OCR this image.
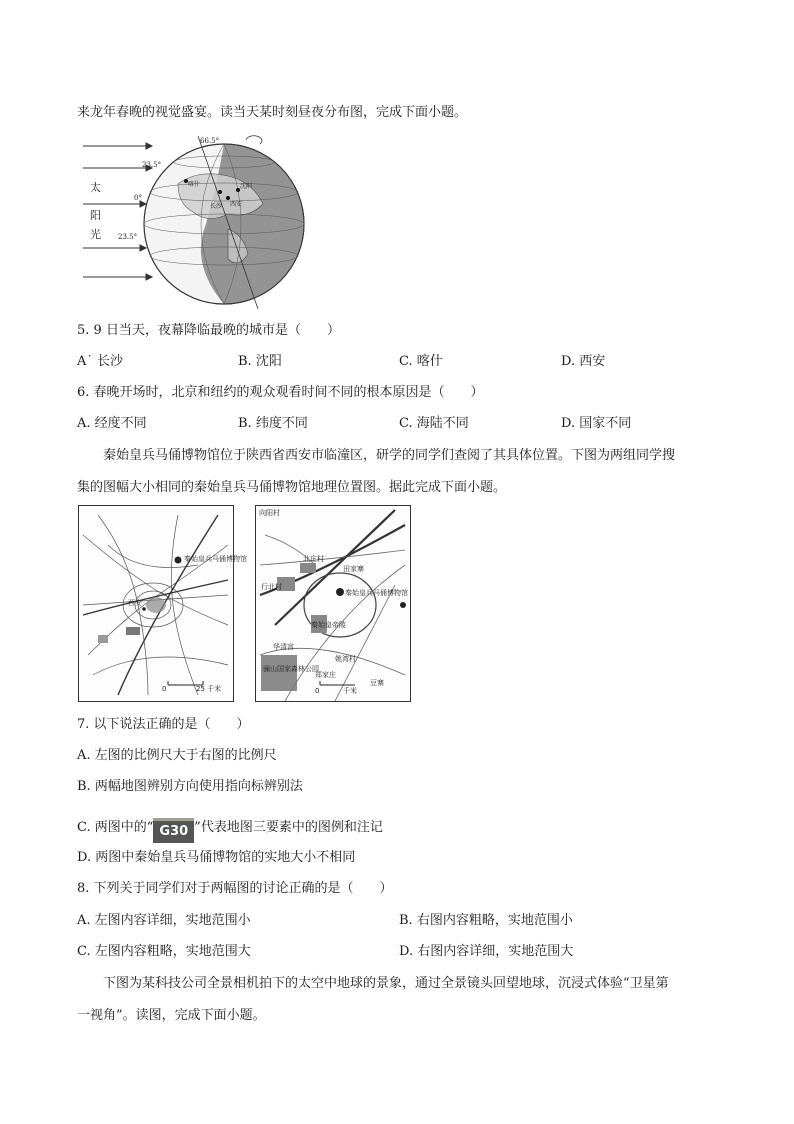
来龙年春晚的视觉盛宴。读当天某时刻昼夜分布图，完成下面小题。
太
阳
光
66.5°
23.5°
0°
23.5°
喀什
长沙 西安
沈阳
5. 9 日当天，夜幕降临最晚的城市是（　　）
A˙ 长沙	B. 沈阳	C. 喀什	D. 西安
6. 春晚开场时，北京和纽约的观众观看时间不同的根本原因是（　　）
A. 经度不同	B. 纬度不同	C. 海陆不同	D. 国家不同
秦始皇兵马俑博物馆位于陕西省西安市临潼区，研学的同学们查阅了其具体位置。下图为两组同学搜
集的图幅大小相同的秦始皇兵马俑博物馆地理位置图。据此完成下面小题。
秦始皇兵马俑博物馆
西安
0	25 千米
向阳村
北庄村
田家寨
行北村
秦始皇兵马俑博物馆
秦始皇帝陵
华清宫
骊山国家森林公园
郑家庄
姚湾村
豆寨
0	千米
7. 以下说法正确的是（　　）
A. 左图的比例尺大于右图的比例尺
B. 两幅地图辨别方向使用指向标辨别法
C. 两图中的“ G30 ”代表地图三要素中的图例和注记
D. 两图中秦始皇兵马俑博物馆的实地大小不相同
8. 下列关于同学们对于两幅图的讨论正确的是（　　）
A. 左图内容详细，实地范围小	B. 右图内容粗略，实地范围小
C. 左图内容粗略，实地范围大	D. 右图内容详细，实地范围大
下图为某科技公司全景相机拍下的太空中地球的景象，通过全景镜头回望地球，沉浸式体验“卫星第
一视角”。读图，完成下面小题。
